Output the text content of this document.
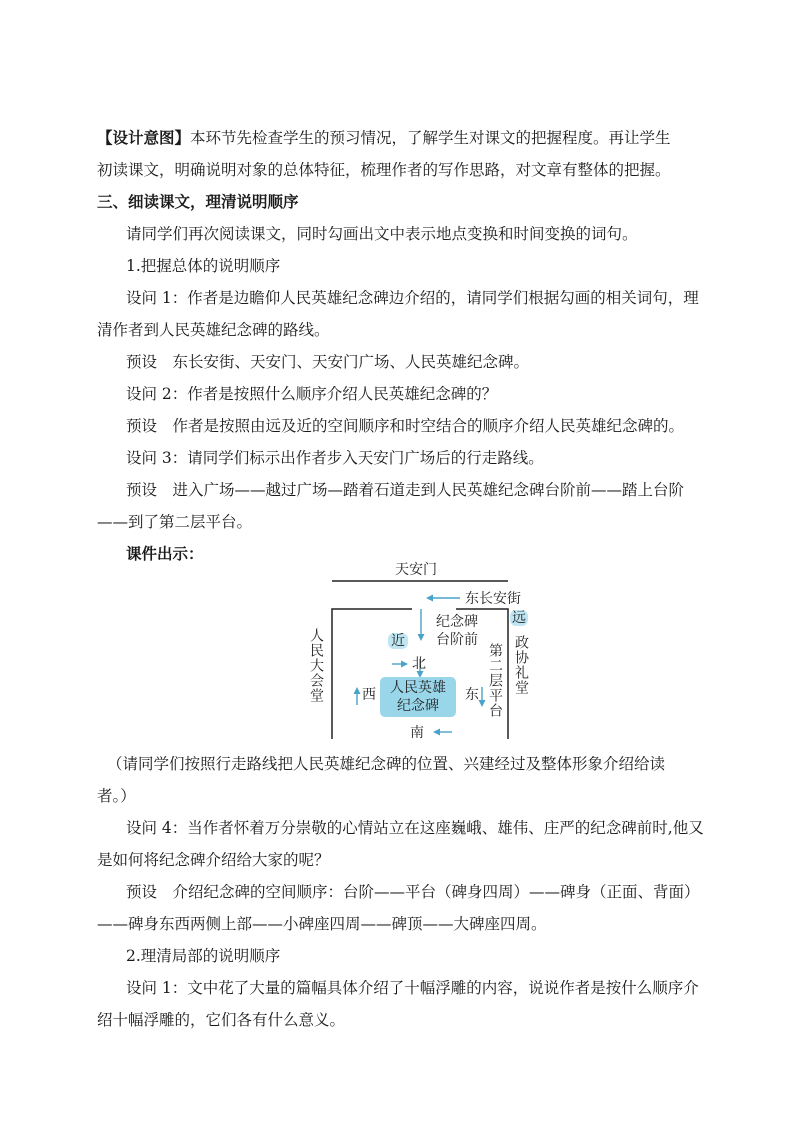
【设计意图】本环节先检查学生的预习情况，了解学生对课文的把握程度。再让学生
初读课文，明确说明对象的总体特征，梳理作者的写作思路，对文章有整体的把握。
三、细读课文，理清说明顺序
请同学们再次阅读课文，同时勾画出文中表示地点变换和时间变换的词句。
1.把握总体的说明顺序
设问 1：作者是边瞻仰人民英雄纪念碑边介绍的，请同学们根据勾画的相关词句，理
清作者到人民英雄纪念碑的路线。
预设　东长安街、天安门、天安门广场、人民英雄纪念碑。
设问 2：作者是按照什么顺序介绍人民英雄纪念碑的？
预设　作者是按照由远及近的空间顺序和时空结合的顺序介绍人民英雄纪念碑的。
设问 3：请同学们标示出作者步入天安门广场后的行走路线。
预设　进入广场——越过广场—踏着石道走到人民英雄纪念碑台阶前——踏上台阶
——到了第二层平台。
课件出示：
天安门
东长安街
远
纪念碑
台阶前
近
北
西	人民英雄
纪念碑
东
南
人民大会堂	第二层平台 政协礼堂
（请同学们按照行走路线把人民英雄纪念碑的位置、兴建经过及整体形象介绍给读
者。）
设问 4：当作者怀着万分崇敬的心情站立在这座巍峨、雄伟、庄严的纪念碑前时,他又
是如何将纪念碑介绍给大家的呢？
预设　介绍纪念碑的空间顺序：台阶——平台（碑身四周）——碑身（正面、背面）
——碑身东西两侧上部——小碑座四周——碑顶——大碑座四周。
2.理清局部的说明顺序
设问 1：文中花了大量的篇幅具体介绍了十幅浮雕的内容，说说作者是按什么顺序介
绍十幅浮雕的，它们各有什么意义。
